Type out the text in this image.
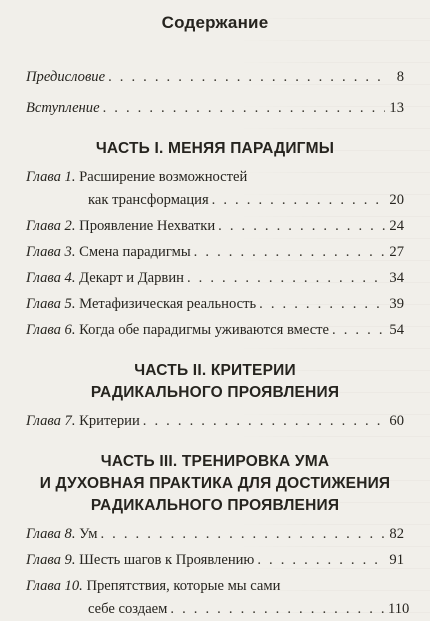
Содержание
Предисловие . . .	8
Вступление . . .	13
ЧАСТЬ I. МЕНЯЯ ПАРАДИГМЫ
Глава 1. Расширение возможностей
как трансформация . . .	20
Глава 2. Проявление Нехватки . . .	24
Глава 3. Смена парадигмы . . .	27
Глава 4. Декарт и Дарвин . . .	34
Глава 5. Метафизическая реальность . . .	39
Глава 6. Когда обе парадигмы уживаются вместе . . .	54
ЧАСТЬ II. КРИТЕРИИ
РАДИКАЛЬНОГО ПРОЯВЛЕНИЯ
Глава 7. Критерии . . .	60
ЧАСТЬ III. ТРЕНИРОВКА УМА
И ДУХОВНАЯ ПРАКТИКА ДЛЯ ДОСТИЖЕНИЯ
РАДИКАЛЬНОГО ПРОЯВЛЕНИЯ
Глава 8. Ум . . .	82
Глава 9. Шесть шагов к Проявлению . . .	91
Глава 10. Препятствия, которые мы сами
себе создаем . . .	110
